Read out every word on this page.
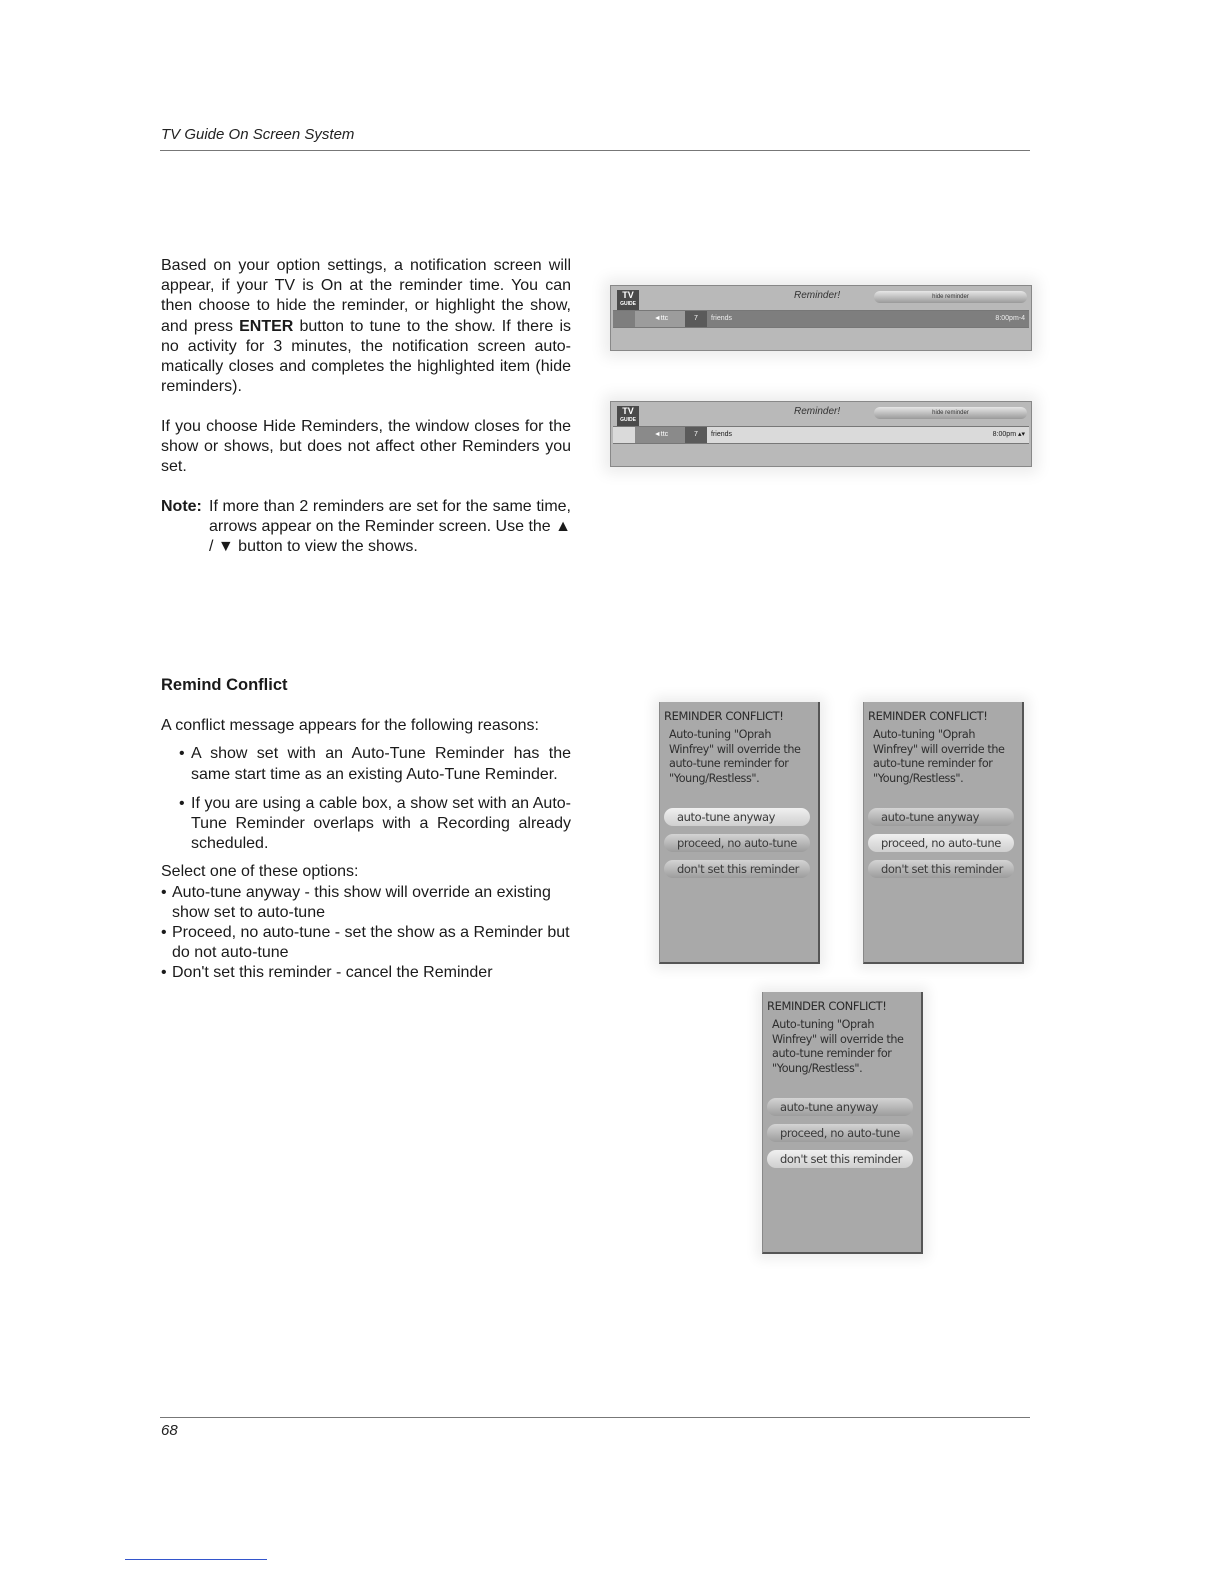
TV Guide On Screen System

Based on your option settings, a notification screen will appear, if your TV is On at the reminder time. You can then choose to hide the reminder, or highlight the show, and press ENTER button to tune to the show. If there is no activity for 3 minutes, the notification screen auto-matically closes and completes the highlighted item (hide reminders).

If you choose Hide Reminders, the window closes for the show or shows, but does not affect other Reminders you set.

Note: If more than 2 reminders are set for the same time, arrows appear on the Reminder screen. Use the ▲ / ▼ button to view the shows.
TV
GUIDE
Reminder!	hide reminder
◄ttc	7	friends	8:00pm-4
TV
GUIDE
Reminder!	hide reminder
◄ttc	7	friends	8:00pm ▴▾

Remind Conflict

A conflict message appears for the following reasons:

• A show set with an Auto-Tune Reminder has the same start time as an existing Auto-Tune Reminder.
• If you are using a cable box, a show set with an Auto-Tune Reminder overlaps with a Recording already scheduled.

Select one of these options:

• Auto-tune anyway - this show will override an existing show set to auto-tune
• Proceed, no auto-tune - set the show as a Reminder but do not auto-tune
• Don't set this reminder - cancel the Reminder
REMINDER CONFLICT!
Auto-tuning "Oprah Winfrey" will override the auto-tune reminder for "Young/Restless".
auto-tune anyway
proceed, no auto-tune
don't set this reminder
REMINDER CONFLICT!
Auto-tuning "Oprah Winfrey" will override the auto-tune reminder for "Young/Restless".
auto-tune anyway
proceed, no auto-tune
don't set this reminder
REMINDER CONFLICT!
Auto-tuning "Oprah Winfrey" will override the auto-tune reminder for "Young/Restless".
auto-tune anyway
proceed, no auto-tune
don't set this reminder
68
